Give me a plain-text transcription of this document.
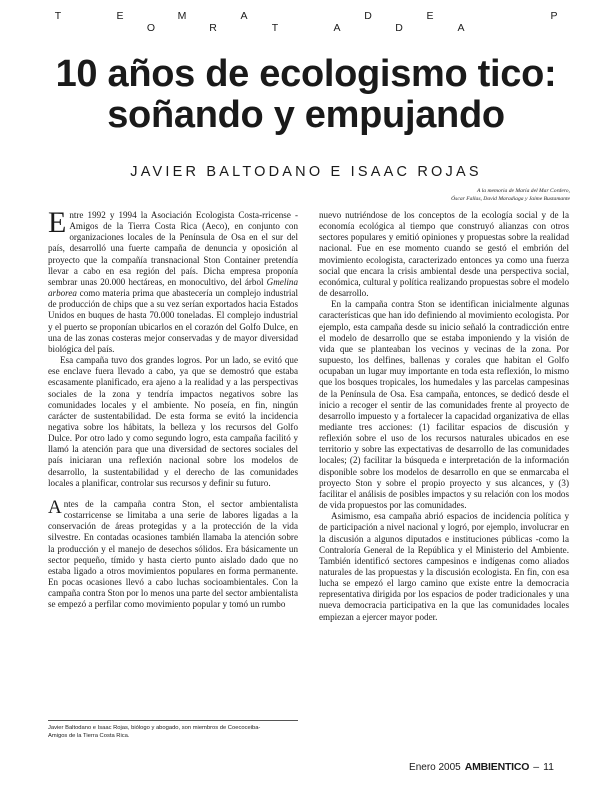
T	E	M	A	D	E	PO	R	T	A	D	A
10 años de ecologismo tico:
soñando y empujando
JAVIER BALTODANO E ISAAC ROJAS
A la memoria de María del Mar Cordero,
Óscar Fallas, David Maradiaga y Jaime Bustamante

Entre 1992 y 1994 la Asociación Ecologista Costa-rricense - Amigos de la Tierra Costa Rica (Aeco), en conjunto con organizaciones locales de la Península de Osa en el sur del país, desarrolló una fuerte campaña de denuncia y oposición al proyecto que la compañía transnacional Ston Container pretendía llevar a cabo en esa región del país. Dicha empresa proponía sembrar unas 20.000 hectáreas, en monocultivo, del árbol Gmelina arborea como materia prima que abastecería un complejo industrial de producción de chips que a su vez serían exportados hacia Estados Unidos en buques de hasta 70.000 toneladas. El complejo industrial y el puerto se proponían ubicarlos en el corazón del Golfo Dulce, en una de las zonas costeras mejor conservadas y de mayor diversidad biológica del país.

Esa campaña tuvo dos grandes logros. Por un lado, se evitó que ese enclave fuera llevado a cabo, ya que se demostró que estaba escasamente planificado, era ajeno a la realidad y a las perspectivas sociales de la zona y tendría impactos negativos sobre las comunidades locales y el ambiente. No poseía, en fin, ningún carácter de sustentabilidad. De esta forma se evitó la incidencia negativa sobre los hábitats, la belleza y los recursos del Golfo Dulce. Por otro lado y como segundo logro, esta campaña facilitó y llamó la atención para que una diversidad de sectores sociales del país iniciaran una reflexión nacional sobre los modelos de desarrollo, la sustentabilidad y el derecho de las comunidades locales a planificar, controlar sus recursos y definir su futuro.

Antes de la campaña contra Ston, el sector ambientalista costarricense se limitaba a una serie de labores ligadas a la conservación de áreas protegidas y a la protección de la vida silvestre. En contadas ocasiones también llamaba la atención sobre la producción y el manejo de desechos sólidos. Era básicamente un sector pequeño, tímido y hasta cierto punto aislado dado que no estaba ligado a otros movimientos populares en forma permanente. En pocas ocasiones llevó a cabo luchas socioambientales. Con la campaña contra Ston por lo menos una parte del sector ambientalista se empezó a perfilar como movimiento popular y tomó un rumbo

nuevo nutriéndose de los conceptos de la ecología social y de la economía ecológica al tiempo que construyó alianzas con otros sectores populares y emitió opiniones y propuestas sobre la realidad nacional. Fue en ese momento cuando se gestó el embrión del movimiento ecologista, caracterizado entonces ya como una fuerza social que encara la crisis ambiental desde una perspectiva social, económica, cultural y política realizando propuestas sobre el modelo de desarrollo.

En la campaña contra Ston se identifican inicialmente algunas características que han ido definiendo al movimiento ecologista. Por ejemplo, esta campaña desde su inicio señaló la contradicción entre el modelo de desarrollo que se estaba imponiendo y la visión de vida que se planteaban los vecinos y vecinas de la zona. Por supuesto, los delfines, ballenas y corales que habitan el Golfo ocupaban un lugar muy importante en toda esta reflexión, lo mismo que los bosques tropicales, los humedales y las parcelas campesinas de la Península de Osa. Esa campaña, entonces, se dedicó desde el inicio a recoger el sentir de las comunidades frente al proyecto de desarrollo impuesto y a fortalecer la capacidad organizativa de ellas mediante tres acciones: (1) facilitar espacios de discusión y reflexión sobre el uso de los recursos naturales ubicados en ese territorio y sobre las expectativas de desarrollo de las comunidades locales; (2) facilitar la búsqueda e interpretación de la información disponible sobre los modelos de desarrollo en que se enmarcaba el proyecto Ston y sobre el propio proyecto y sus alcances, y (3) facilitar el análisis de posibles impactos y su relación con los modos de vida propuestos por las comunidades.

Asimismo, esa campaña abrió espacios de incidencia política y de participación a nivel nacional y logró, por ejemplo, involucrar en la discusión a algunos diputados e instituciones públicas -como la Contraloría General de la República y el Ministerio del Ambiente. También identificó sectores campesinos e indígenas como aliados naturales de las propuestas y la discusión ecologista. En fin, con esa lucha se empezó el largo camino que existe entre la democracia representativa dirigida por los espacios de poder tradicionales y una nueva democracia participativa en la que las comunidades locales empiezan a ejercer mayor poder.

Javier Baltodano e Isaac Rojas, biólogo y abogado, son miembros de Coecoceiba-
Amigos de la Tierra Costa Rica.
Enero 2005 AMBIENTICO – 11
